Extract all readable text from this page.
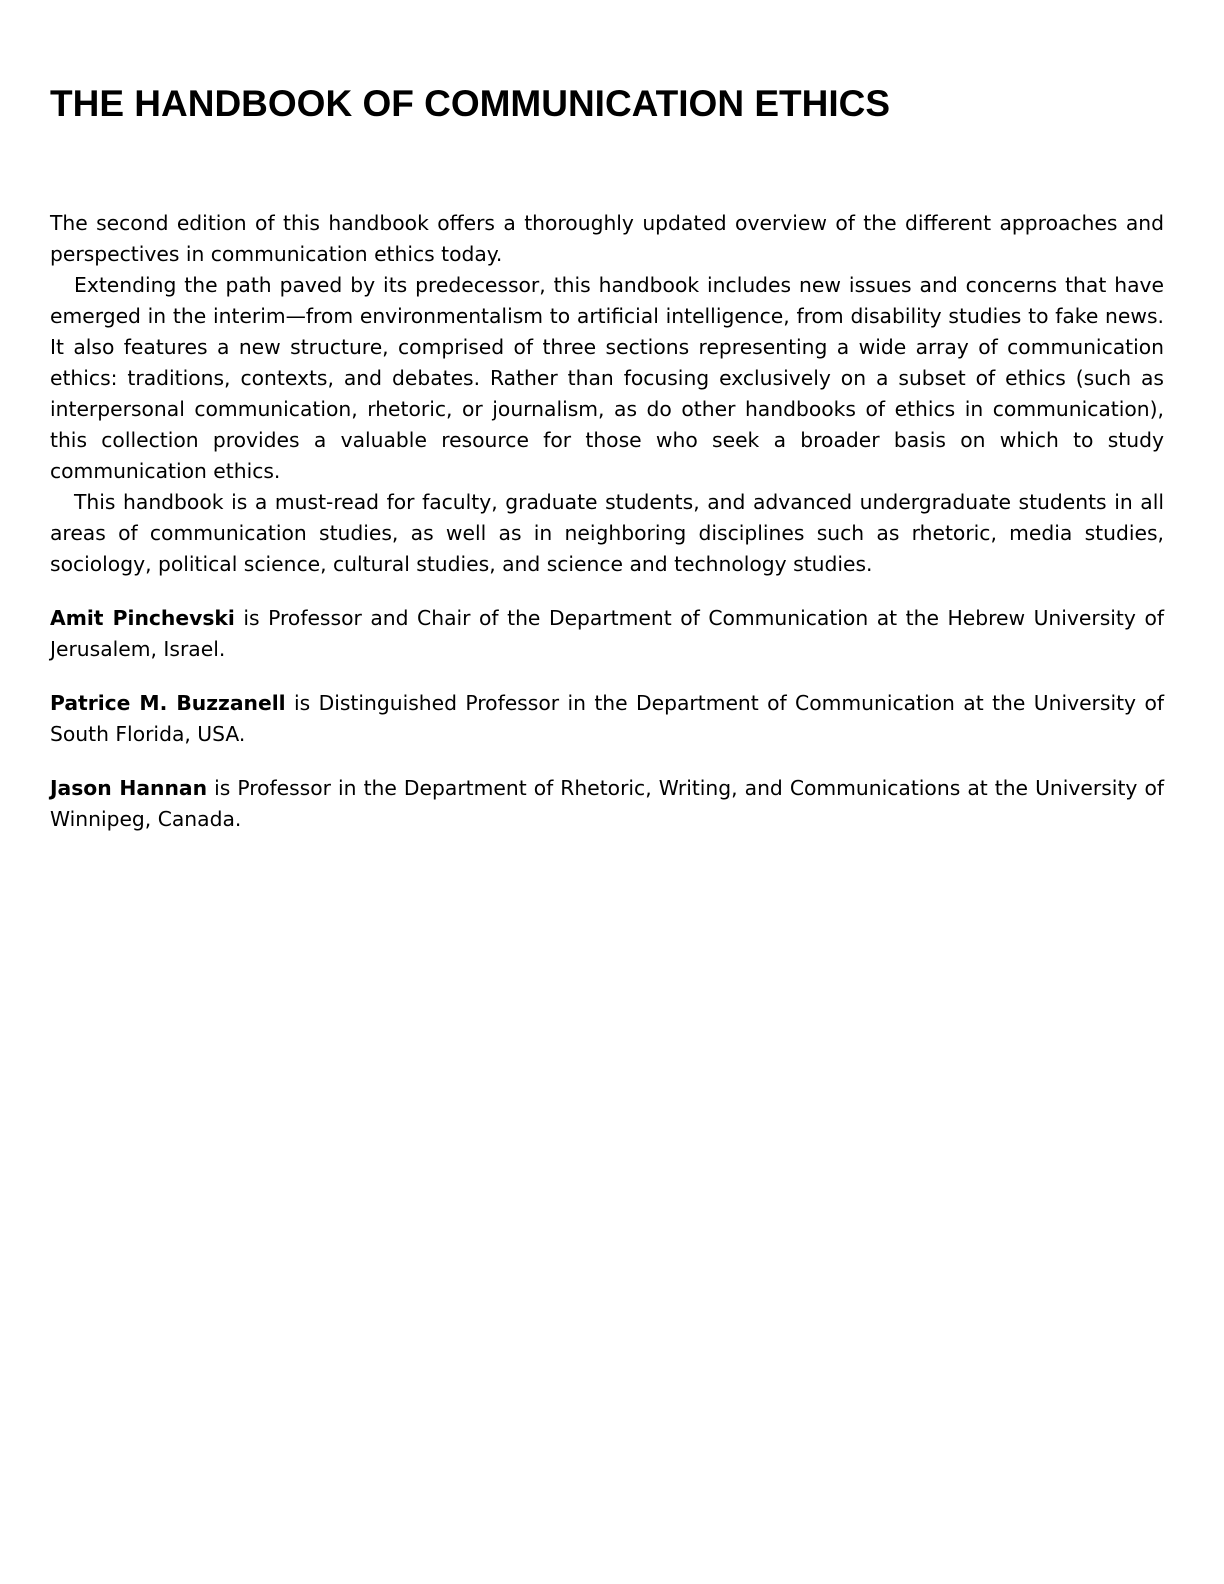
THE HANDBOOK OF COMMUNICATION ETHICS

The second edition of this handbook offers a thoroughly updated overview of the different approaches and perspectives in communication ethics today.

Extending the path paved by its predecessor, this handbook includes new issues and concerns that have emerged in the interim—from environmentalism to artificial intelligence, from disability studies to fake news. It also features a new structure, comprised of three sections representing a wide array of communication ethics: traditions, contexts, and debates. Rather than focusing exclusively on a subset of ethics (such as interpersonal communication, rhetoric, or journalism, as do other handbooks of ethics in communication), this collection provides a valuable resource for those who seek a broader basis on which to study communication ethics.

This handbook is a must-read for faculty, graduate students, and advanced undergraduate students in all areas of communication studies, as well as in neighboring disciplines such as rhetoric, media studies, sociology, political science, cultural studies, and science and technology studies.

Amit Pinchevski is Professor and Chair of the Department of Communication at the Hebrew University of Jerusalem, Israel.

Patrice M. Buzzanell is Distinguished Professor in the Department of Communication at the University of South Florida, USA.

Jason Hannan is Professor in the Department of Rhetoric, Writing, and Communications at the University of Winnipeg, Canada.
